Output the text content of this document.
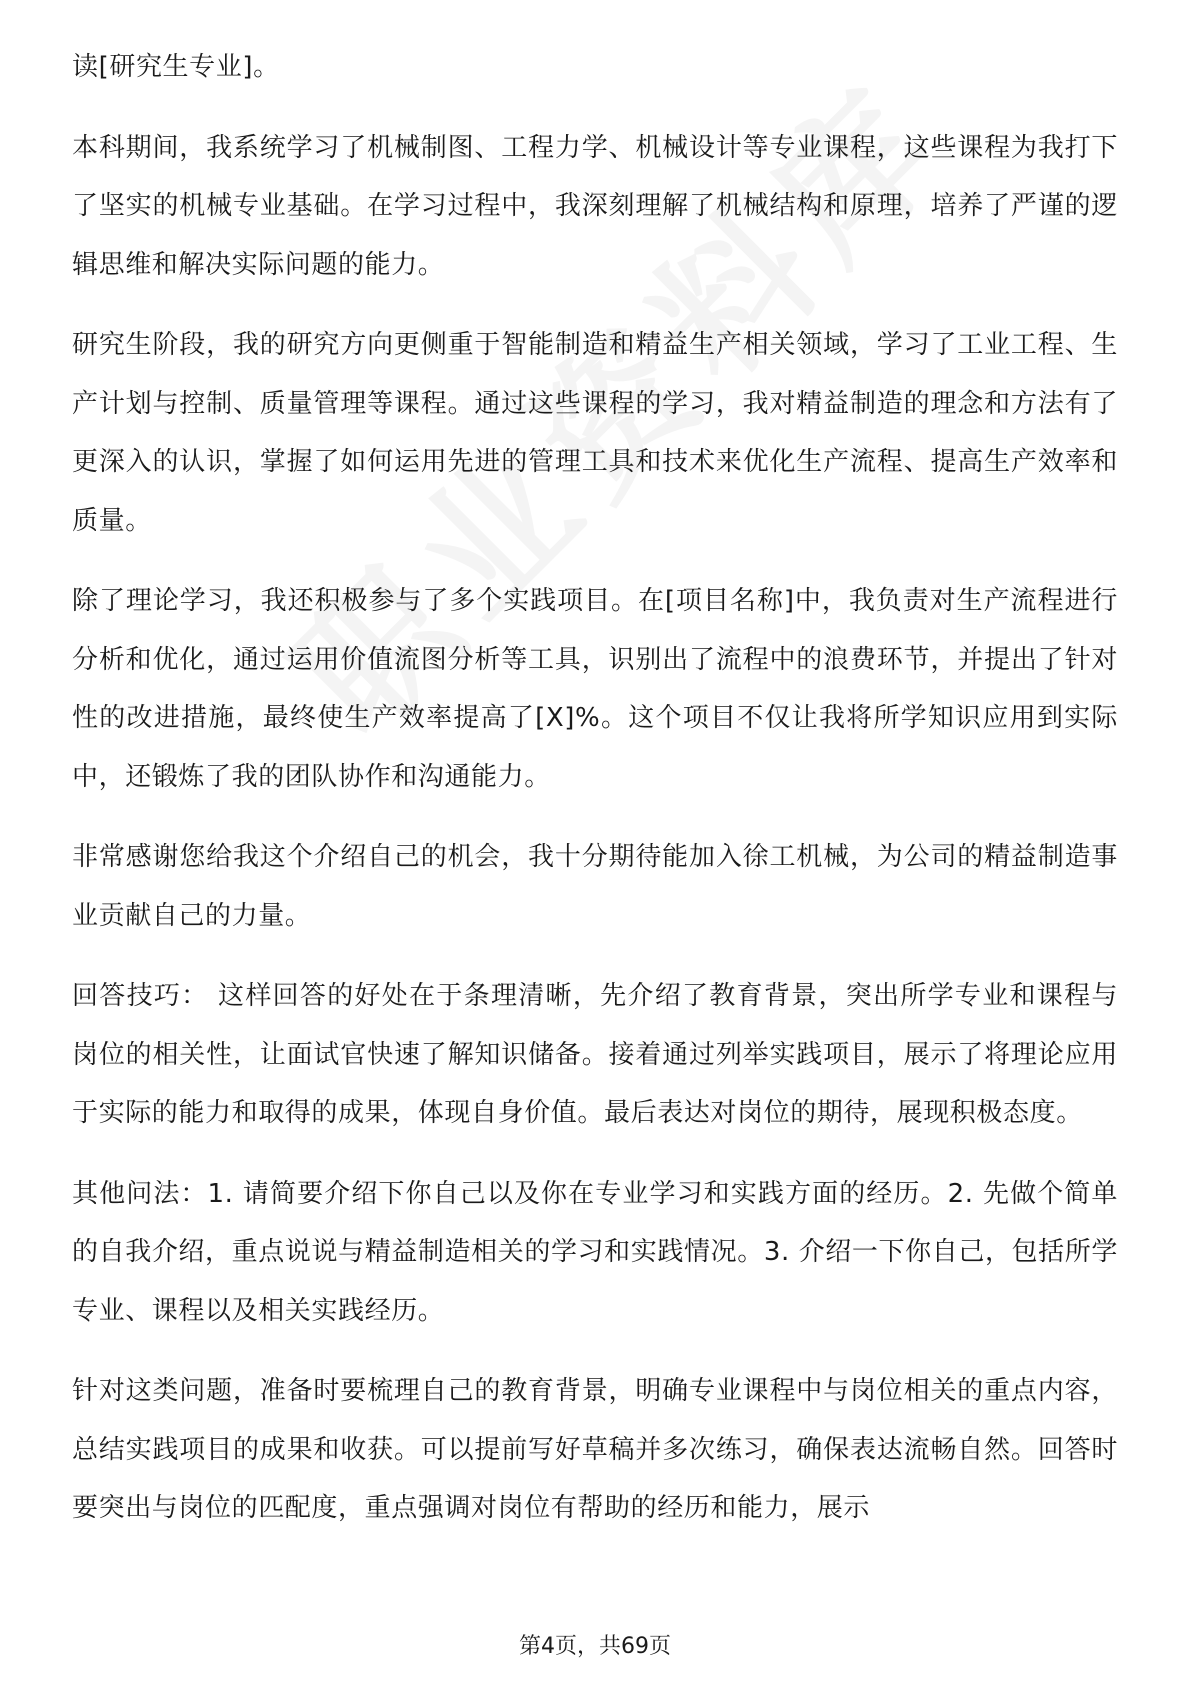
读[研究生专业]。

本科期间，我系统学习了机械制图、工程力学、机械设计等专业课程，这些课程为我打下了坚实的机械专业基础。在学习过程中，我深刻理解了机械结构和原理，培养了严谨的逻辑思维和解决实际问题的能力。

研究生阶段，我的研究方向更侧重于智能制造和精益生产相关领域，学习了工业工程、生产计划与控制、质量管理等课程。通过这些课程的学习，我对精益制造的理念和方法有了更深入的认识，掌握了如何运用先进的管理工具和技术来优化生产流程、提高生产效率和质量。

除了理论学习，我还积极参与了多个实践项目。在[项目名称]中，我负责对生产流程进行分析和优化，通过运用价值流图分析等工具，识别出了流程中的浪费环节，并提出了针对性的改进措施，最终使生产效率提高了[X]%。这个项目不仅让我将所学知识应用到实际中，还锻炼了我的团队协作和沟通能力。

非常感谢您给我这个介绍自己的机会，我十分期待能加入徐工机械，为公司的精益制造事业贡献自己的力量。

回答技巧： 这样回答的好处在于条理清晰，先介绍了教育背景，突出所学专业和课程与岗位的相关性，让面试官快速了解知识储备。接着通过列举实践项目，展示了将理论应用于实际的能力和取得的成果，体现自身价值。最后表达对岗位的期待，展现积极态度。

其他问法：1. 请简要介绍下你自己以及你在专业学习和实践方面的经历。2. 先做个简单的自我介绍，重点说说与精益制造相关的学习和实践情况。3. 介绍一下你自己，包括所学专业、课程以及相关实践经历。

针对这类问题，准备时要梳理自己的教育背景，明确专业课程中与岗位相关的重点内容，总结实践项目的成果和收获。可以提前写好草稿并多次练习，确保表达流畅自然。回答时要突出与岗位的匹配度，重点强调对岗位有帮助的经历和能力，展示

第4页，共69页
